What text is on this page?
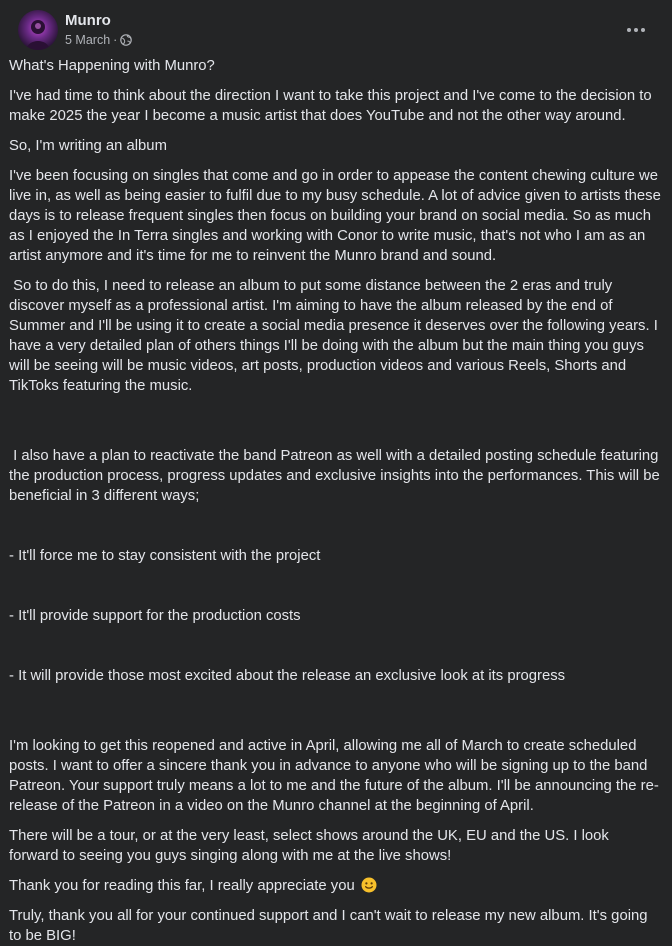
Munro
5 March ·

What's Happening with Munro?

I've had time to think about the direction I want to take this project and I've come to the decision to make 2025 the year I become a music artist that does YouTube and not the other way around.

So, I'm writing an album

I've been focusing on singles that come and go in order to appease the content chewing culture we live in, as well as being easier to fulfil due to my busy schedule. A lot of advice given to artists these days is to release frequent singles then focus on building your brand on social media. So as much as I enjoyed the In Terra singles and working with Conor to write music, that's not who I am as an artist anymore and it's time for me to reinvent the Munro brand and sound.

So to do this, I need to release an album to put some distance between the 2 eras and truly discover myself as a professional artist. I'm aiming to have the album released by the end of Summer and I'll be using it to create a social media presence it deserves over the following years. I have a very detailed plan of others things I'll be doing with the album but the main thing you guys will be seeing will be music videos, art posts, production videos and various Reels, Shorts and TikToks featuring the music.

I also have a plan to reactivate the band Patreon as well with a detailed posting schedule featuring the production process, progress updates and exclusive insights into the performances. This will be beneficial in 3 different ways;

- It'll force me to stay consistent with the project

- It'll provide support for the production costs

- It will provide those most excited about the release an exclusive look at its progress

I'm looking to get this reopened and active in April, allowing me all of March to create scheduled posts. I want to offer a sincere thank you in advance to anyone who will be signing up to the band Patreon. Your support truly means a lot to me and the future of the album. I'll be announcing the re-release of the Patreon in a video on the Munro channel at the beginning of April.

There will be a tour, or at the very least, select shows around the UK, EU and the US. I look forward to seeing you guys singing along with me at the live shows!

Thank you for reading this far, I really appreciate you

Truly, thank you all for your continued support and I can't wait to release my new album. It's going to be BIG!
